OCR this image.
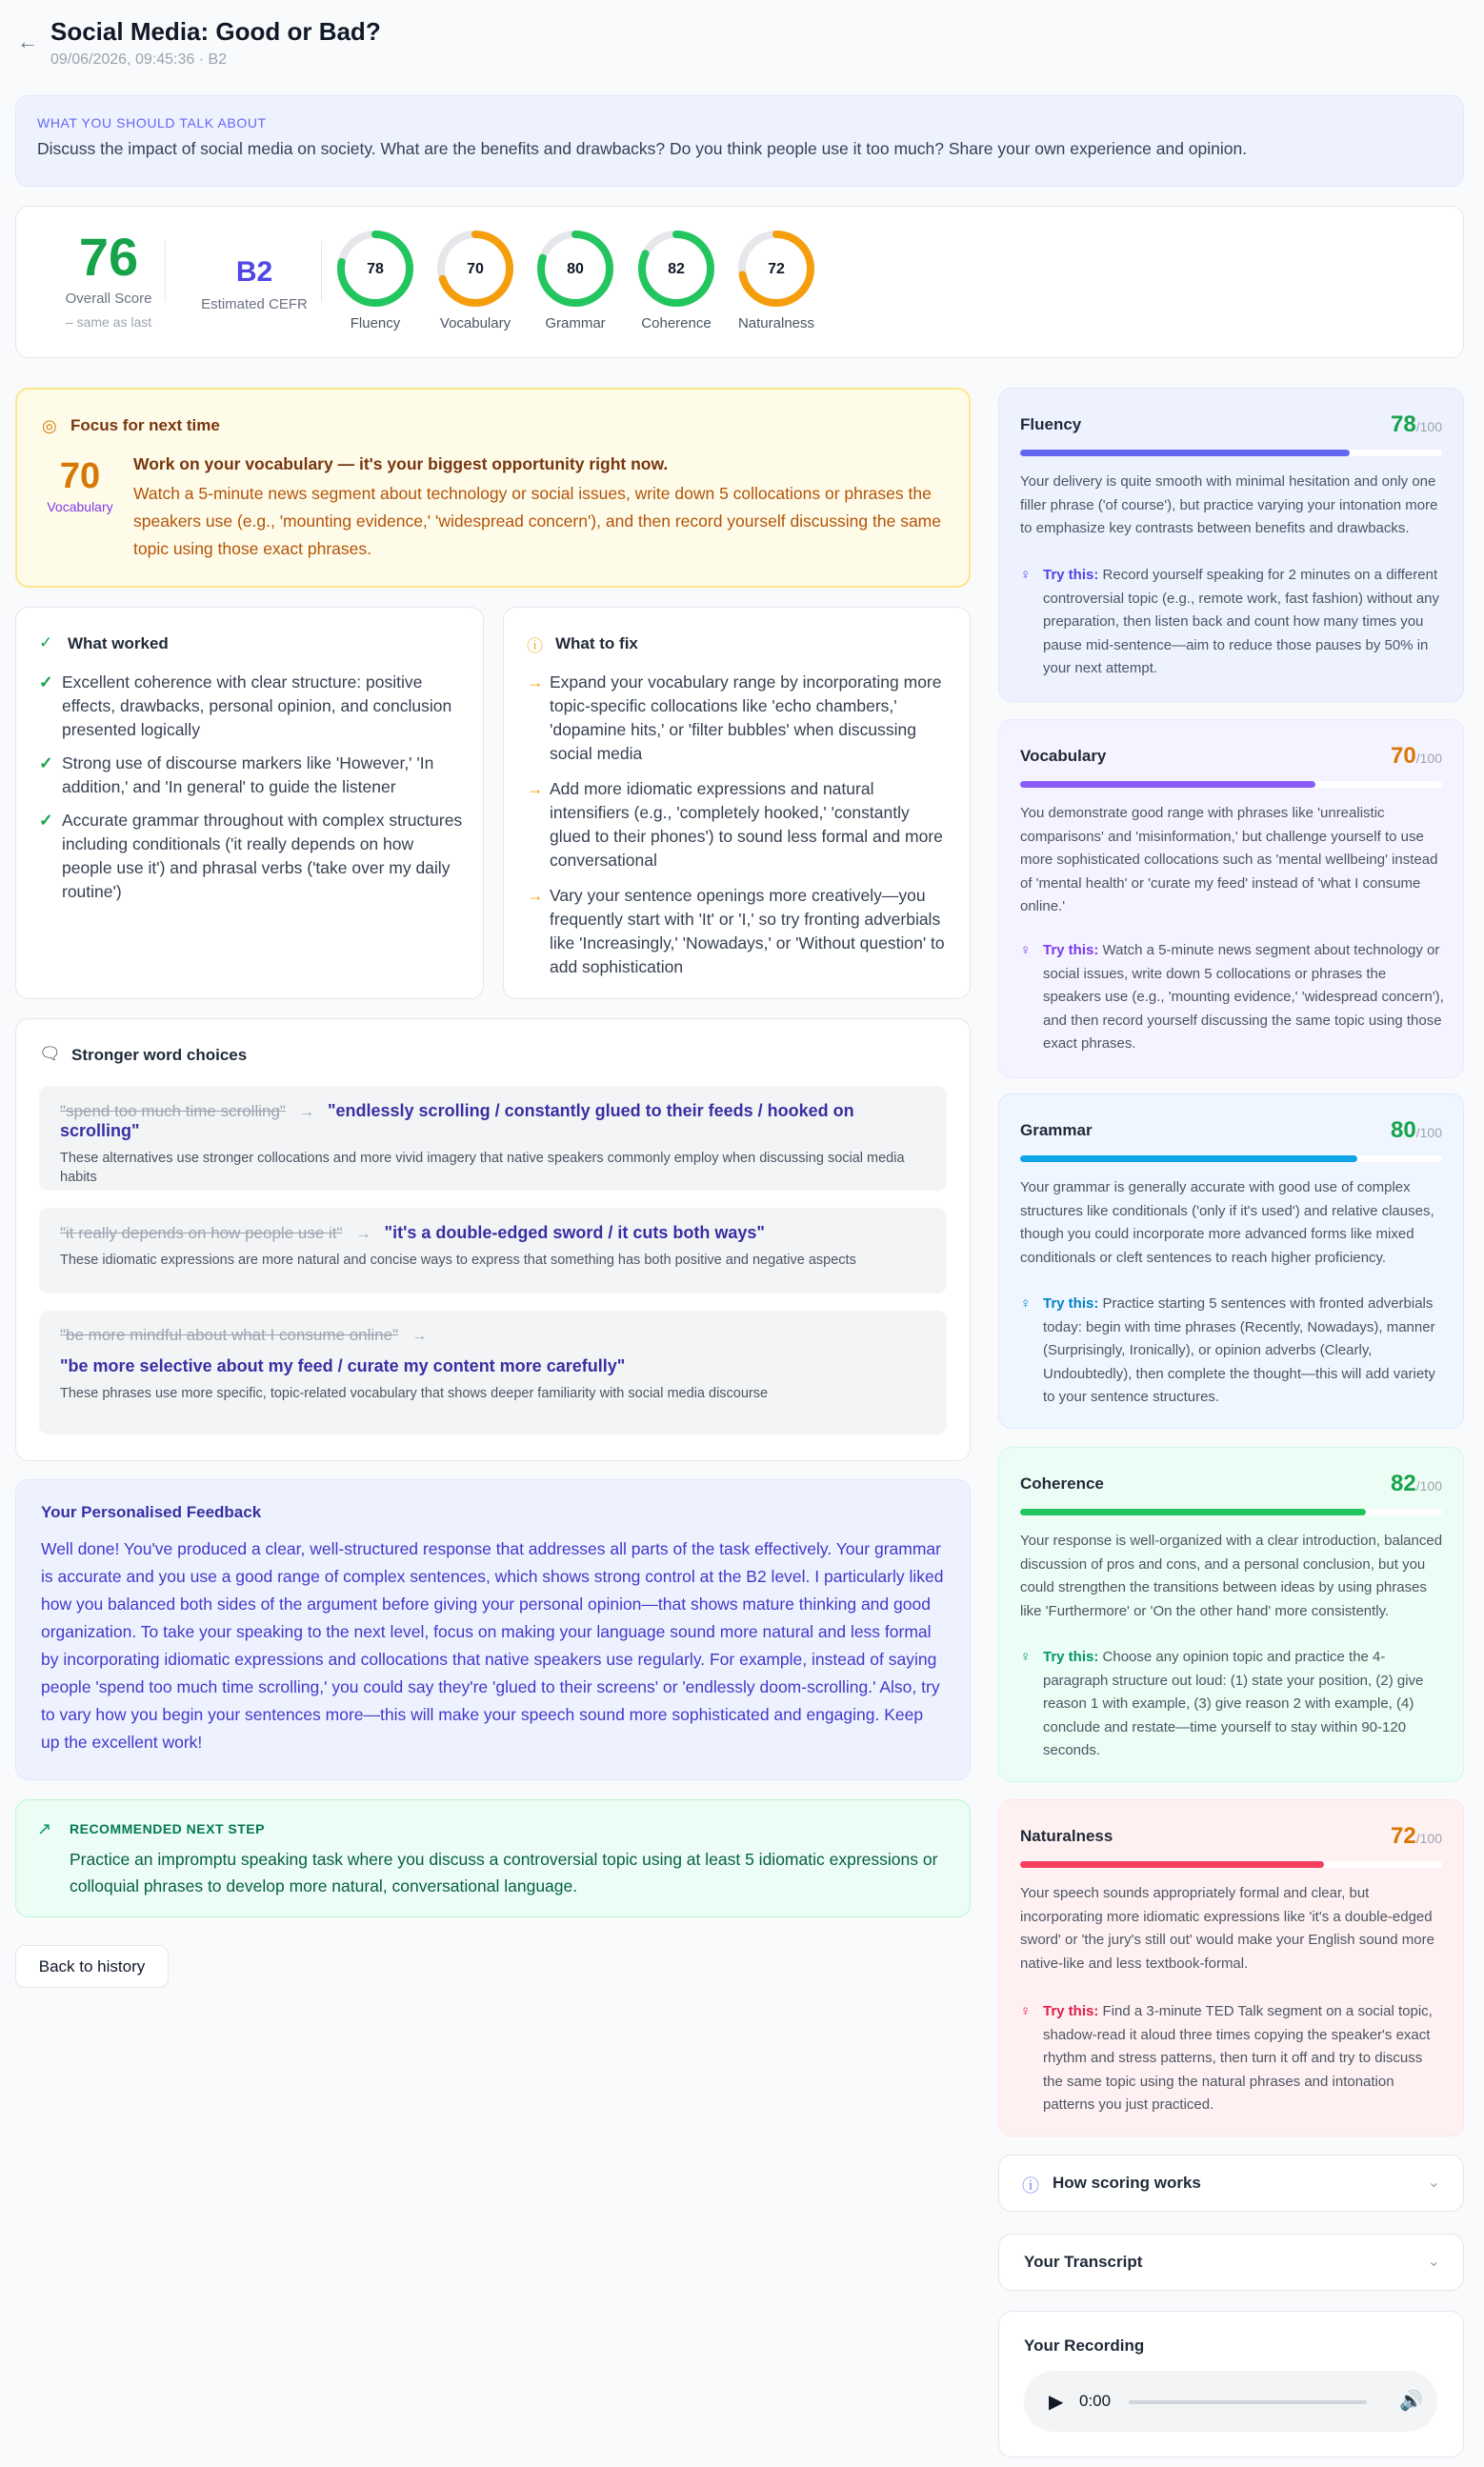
← Social Media: Good or Bad?
09/06/2026, 09:45:36 · B2
WHAT YOU SHOULD TALK ABOUT
Discuss the impact of social media on society. What are the benefits and drawbacks? Do you think people use it too much? Share your own experience and opinion.
76
Overall Score
– same as last
B2
Estimated CEFR
78
Fluency
70
Vocabulary
80
Grammar
82
Coherence
72
Naturalness
◎ Focus for next time
70
Vocabulary
Work on your vocabulary — it's your biggest opportunity right now.
Watch a 5-minute news segment about technology or social issues, write down 5 collocations or phrases the speakers use (e.g., 'mounting evidence,' 'widespread concern'), and then record yourself discussing the same topic using those exact phrases.
✓ What worked
✓ Excellent coherence with clear structure: positive effects, drawbacks, personal opinion, and conclusion presented logically
✓ Strong use of discourse markers like 'However,' 'In addition,' and 'In general' to guide the listener
✓ Accurate grammar throughout with complex structures including conditionals ('it really depends on how people use it') and phrasal verbs ('take over my daily routine')
ⓘ What to fix
→ Expand your vocabulary range by incorporating more topic-specific collocations like 'echo chambers,' 'dopamine hits,' or 'filter bubbles' when discussing social media
→ Add more idiomatic expressions and natural intensifiers (e.g., 'completely hooked,' 'constantly glued to their phones') to sound less formal and more conversational
→ Vary your sentence openings more creatively—you frequently start with 'It' or 'I,' so try fronting adverbials like 'Increasingly,' 'Nowadays,' or 'Without question' to add sophistication
🗨 Stronger word choices
"spend too much time scrolling" → "endlessly scrolling / constantly glued to their feeds / hooked on scrolling"
These alternatives use stronger collocations and more vivid imagery that native speakers commonly employ when discussing social media habits
"it really depends on how people use it" → "it's a double-edged sword / it cuts both ways"
These idiomatic expressions are more natural and concise ways to express that something has both positive and negative aspects
"be more mindful about what I consume online" →
"be more selective about my feed / curate my content more carefully"
These phrases use more specific, topic-related vocabulary that shows deeper familiarity with social media discourse
Your Personalised Feedback
Well done! You've produced a clear, well-structured response that addresses all parts of the task effectively. Your grammar is accurate and you use a good range of complex sentences, which shows strong control at the B2 level. I particularly liked how you balanced both sides of the argument before giving your personal opinion—that shows mature thinking and good organization. To take your speaking to the next level, focus on making your language sound more natural and less formal by incorporating idiomatic expressions and collocations that native speakers use regularly. For example, instead of saying people 'spend too much time scrolling,' you could say they're 'glued to their screens' or 'endlessly doom-scrolling.' Also, try to vary how you begin your sentences more—this will make your speech sound more sophisticated and engaging. Keep up the excellent work!
↗ RECOMMENDED NEXT STEP
Practice an impromptu speaking task where you discuss a controversial topic using at least 5 idiomatic expressions or colloquial phrases to develop more natural, conversational language.
Back to history
Fluency	78/100
Your delivery is quite smooth with minimal hesitation and only one filler phrase ('of course'), but practice varying your intonation more to emphasize key contrasts between benefits and drawbacks.
♀ Try this: Record yourself speaking for 2 minutes on a different controversial topic (e.g., remote work, fast fashion) without any preparation, then listen back and count how many times you pause mid-sentence—aim to reduce those pauses by 50% in your next attempt.
Vocabulary	70/100
You demonstrate good range with phrases like 'unrealistic comparisons' and 'misinformation,' but challenge yourself to use more sophisticated collocations such as 'mental wellbeing' instead of 'mental health' or 'curate my feed' instead of 'what I consume online.'
♀ Try this: Watch a 5-minute news segment about technology or social issues, write down 5 collocations or phrases the speakers use (e.g., 'mounting evidence,' 'widespread concern'), and then record yourself discussing the same topic using those exact phrases.
Grammar	80/100
Your grammar is generally accurate with good use of complex structures like conditionals ('only if it's used') and relative clauses, though you could incorporate more advanced forms like mixed conditionals or cleft sentences to reach higher proficiency.
♀ Try this: Practice starting 5 sentences with fronted adverbials today: begin with time phrases (Recently, Nowadays), manner (Surprisingly, Ironically), or opinion adverbs (Clearly, Undoubtedly), then complete the thought—this will add variety to your sentence structures.
Coherence	82/100
Your response is well-organized with a clear introduction, balanced discussion of pros and cons, and a personal conclusion, but you could strengthen the transitions between ideas by using phrases like 'Furthermore' or 'On the other hand' more consistently.
♀ Try this: Choose any opinion topic and practice the 4-paragraph structure out loud: (1) state your position, (2) give reason 1 with example, (3) give reason 2 with example, (4) conclude and restate—time yourself to stay within 90-120 seconds.
Naturalness	72/100
Your speech sounds appropriately formal and clear, but incorporating more idiomatic expressions like 'it's a double-edged sword' or 'the jury's still out' would make your English sound more native-like and less textbook-formal.
♀ Try this: Find a 3-minute TED Talk segment on a social topic, shadow-read it aloud three times copying the speaker's exact rhythm and stress patterns, then turn it off and try to discuss the same topic using the natural phrases and intonation patterns you just practiced.
ⓘ How scoring works	⌄
Your Transcript	⌄
Your Recording
▶ 0:00	🔊
